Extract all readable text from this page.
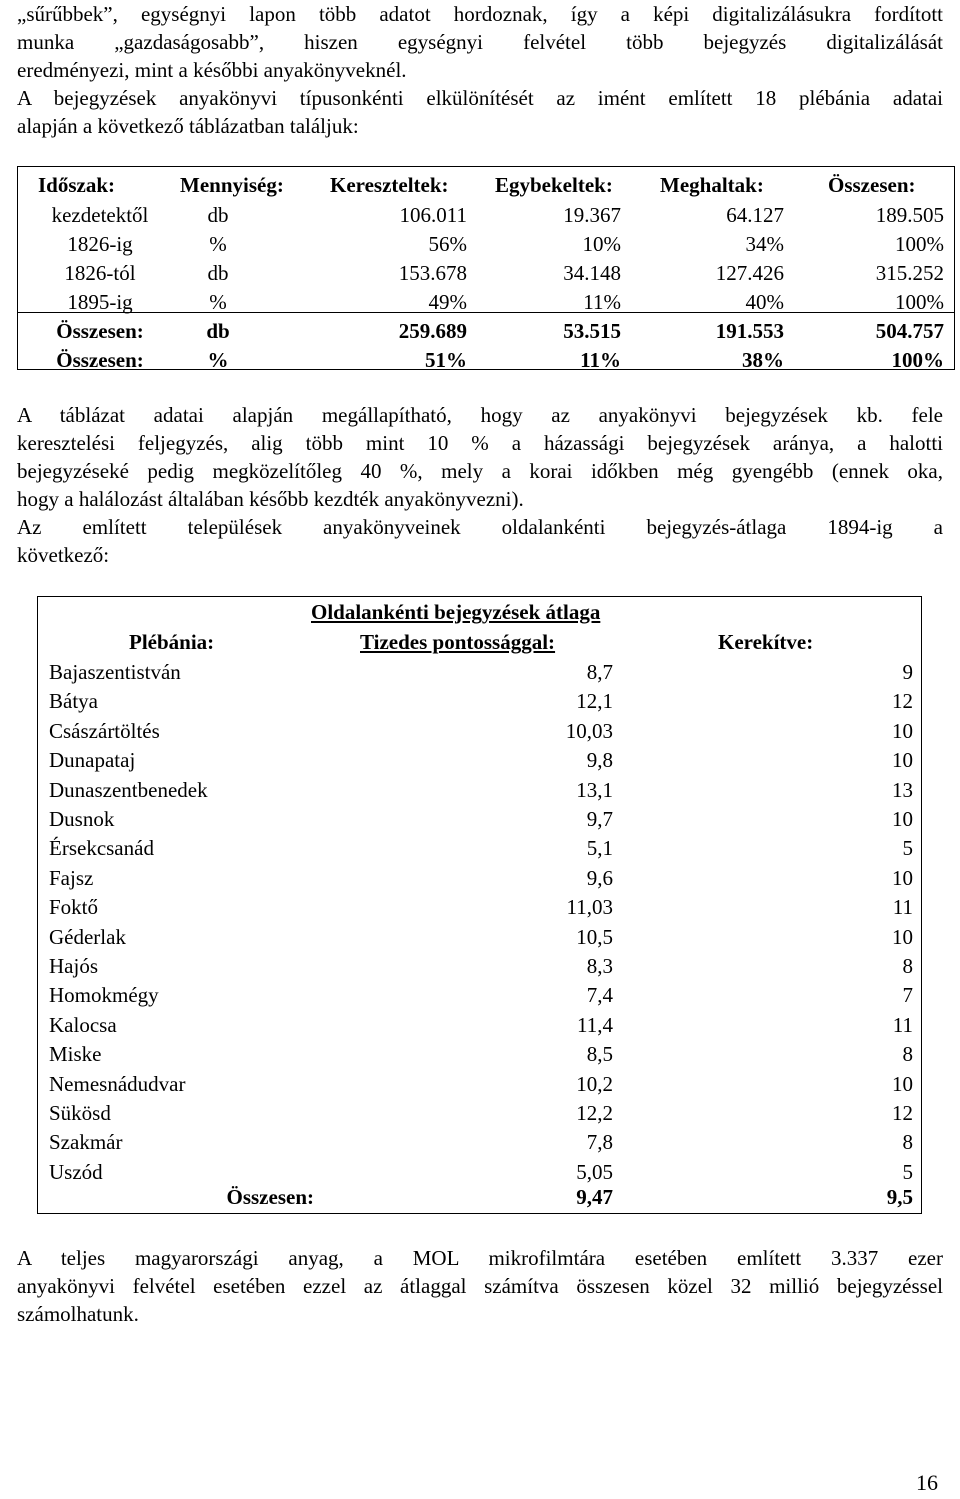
„sűrűbbek”, egységnyi lapon több adatot hordoznak, így a képi digitalizálásukra fordított
munka „gazdaságosabb”, hiszen egységnyi felvétel több bejegyzés digitalizálását
eredményezi, mint a későbbi anyakönyveknél.
A bejegyzések anyakönyvi típusonkénti elkülönítését az imént említett 18 plébánia adatai
alapján a következő táblázatban találjuk:
Időszak:	Mennyiség: Kereszteltek: Egybekeltek: Meghaltak:	Összesen:
kezdetektől	db	106.011	19.367	64.127	189.505
1826-ig	%	56%	10%	34%	100%
1826-tól	db	153.678	34.148	127.426	315.252
1895-ig	%	49%	11%	40%	100%
Összesen:	db	259.689	53.515	191.553	504.757
Összesen:	%	51%	11%	38%	100%
A táblázat adatai alapján megállapítható, hogy az anyakönyvi bejegyzések kb. fele
keresztelési feljegyzés, alig több mint 10 % a házassági bejegyzések aránya, a halotti
bejegyzéseké pedig megközelítőleg 40 %, mely a korai időkben még gyengébb (ennek oka,
hogy a halálozást általában később kezdték anyakönyvezni).
Az említett települések anyakönyveinek oldalankénti bejegyzés-átlaga 1894-ig a
következő:
Oldalankénti bejegyzések átlaga
Plébánia:	Tizedes pontossággal:	Kerekítve:
Bajaszentistván	8,7	9
Bátya	12,1	12
Császártöltés	10,03	10
Dunapataj	9,8	10
Dunaszentbenedek	13,1	13
Dusnok	9,7	10
Érsekcsanád	5,1	5
Fajsz	9,6	10
Foktő	11,03	11
Géderlak	10,5	10
Hajós	8,3	8
Homokmégy	7,4	7
Kalocsa	11,4	11
Miske	8,5	8
Nemesnádudvar	10,2	10
Sükösd	12,2	12
Szakmár	7,8	8
Uszód	5,05	5
Összesen:	9,47	9,5
A teljes magyarországi anyag, a MOL mikrofilmtára esetében említett 3.337 ezer
anyakönyvi felvétel esetében ezzel az átlaggal számítva összesen közel 32 millió bejegyzéssel
számolhatunk.
16
